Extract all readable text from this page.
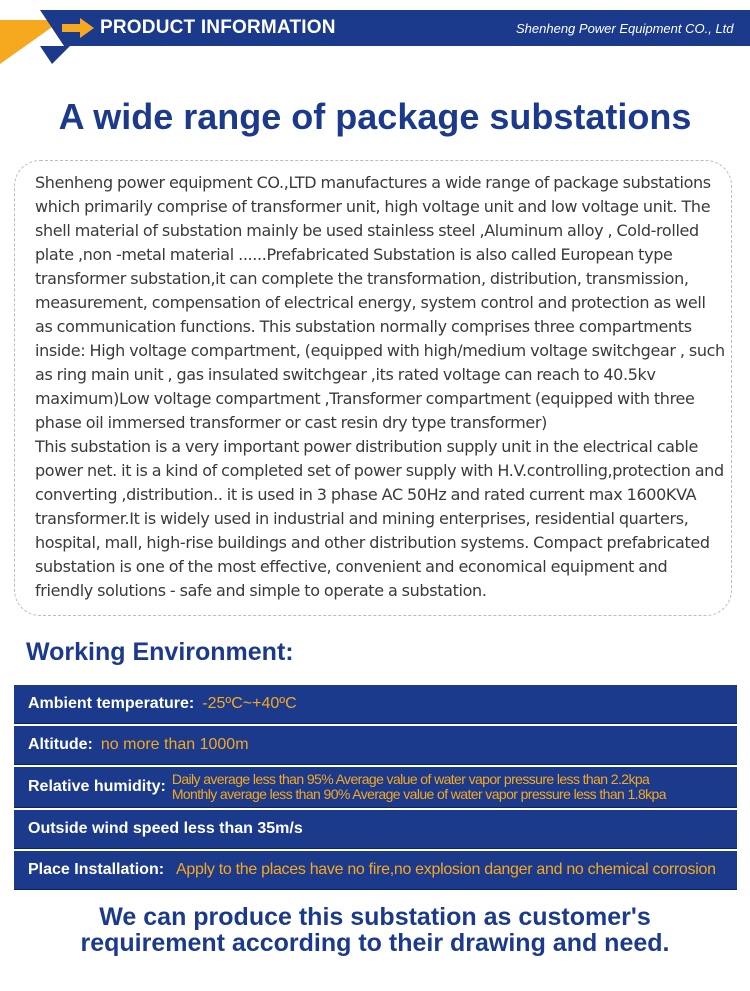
PRODUCT INFORMATION	Shenheng Power Equipment CO., Ltd
A wide range of package substations

Shenheng power equipment CO.,LTD manufactures a wide range of package substations which primarily comprise of transformer unit, high voltage unit and low voltage unit. The shell material of substation mainly be used stainless steel ,Aluminum alloy , Cold-rolled plate ,non -metal material ......Prefabricated Substation is also called European type transformer substation,it can complete the transformation, distribution, transmission, measurement, compensation of electrical energy, system control and protection as well as communication functions. This substation normally comprises three compartments inside: High voltage compartment, (equipped with high/medium voltage switchgear , such as ring main unit , gas insulated switchgear ,its rated voltage can reach to 40.5kv maximum)Low voltage compartment ,Transformer compartment (equipped with three phase oil immersed transformer or cast resin dry type transformer)

This substation is a very important power distribution supply unit in the electrical cable power net. it is a kind of completed set of power supply with H.V.controlling,protection and converting ,distribution.. it is used in 3 phase AC 50Hz and rated current max 1600KVA transformer.It is widely used in industrial and mining enterprises, residential quarters, hospital, mall, high-rise buildings and other distribution systems. Compact prefabricated substation is one of the most effective, convenient and economical equipment and friendly solutions - safe and simple to operate a substation.

Working Environment:
Ambient temperature: -25ºC~+40ºC
Altitude: no more than 1000m
Relative humidity: Daily average less than 95% Average value of water vapor pressure less than 2.2kpa
Monthly average less than 90% Average value of water vapor pressure less than 1.8kpa
Outside wind speed less than 35m/s
Place Installation: Apply to the places have no fire,no explosion danger and no chemical corrosion
We can produce this substation as customer's
requirement according to their drawing and need.
